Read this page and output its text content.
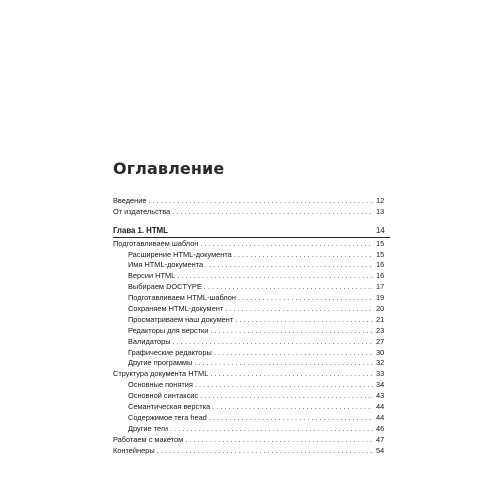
Оглавление
Введение . . .	12
От издательства . . .	13
Глава 1. HTML	14
Подготавливаем шаблон . . .	15
Расширение HTML-документа . . .	15
Имя HTML-документа . . .	16
Версии HTML . . .	16
Выбираем DOCTYPE . . .	17
Подготавливаем HTML-шаблон . . .	19
Сохраняем HTML-документ . . .	20
Просматриваем наш документ . . .	21
Редакторы для верстки . . .	23
Валидаторы . . .	27
Графические редакторы . . .	30
Другие программы . . .	32
Структура документа HTML . . .	33
Основные понятия . . .	34
Основной синтаксис . . .	43
Семантическая верстка . . .	44
Содержимое тега head . . .	44
Другие теги . . .	46
Работаем с макетом . . .	47
Контейнеры . . .	54
